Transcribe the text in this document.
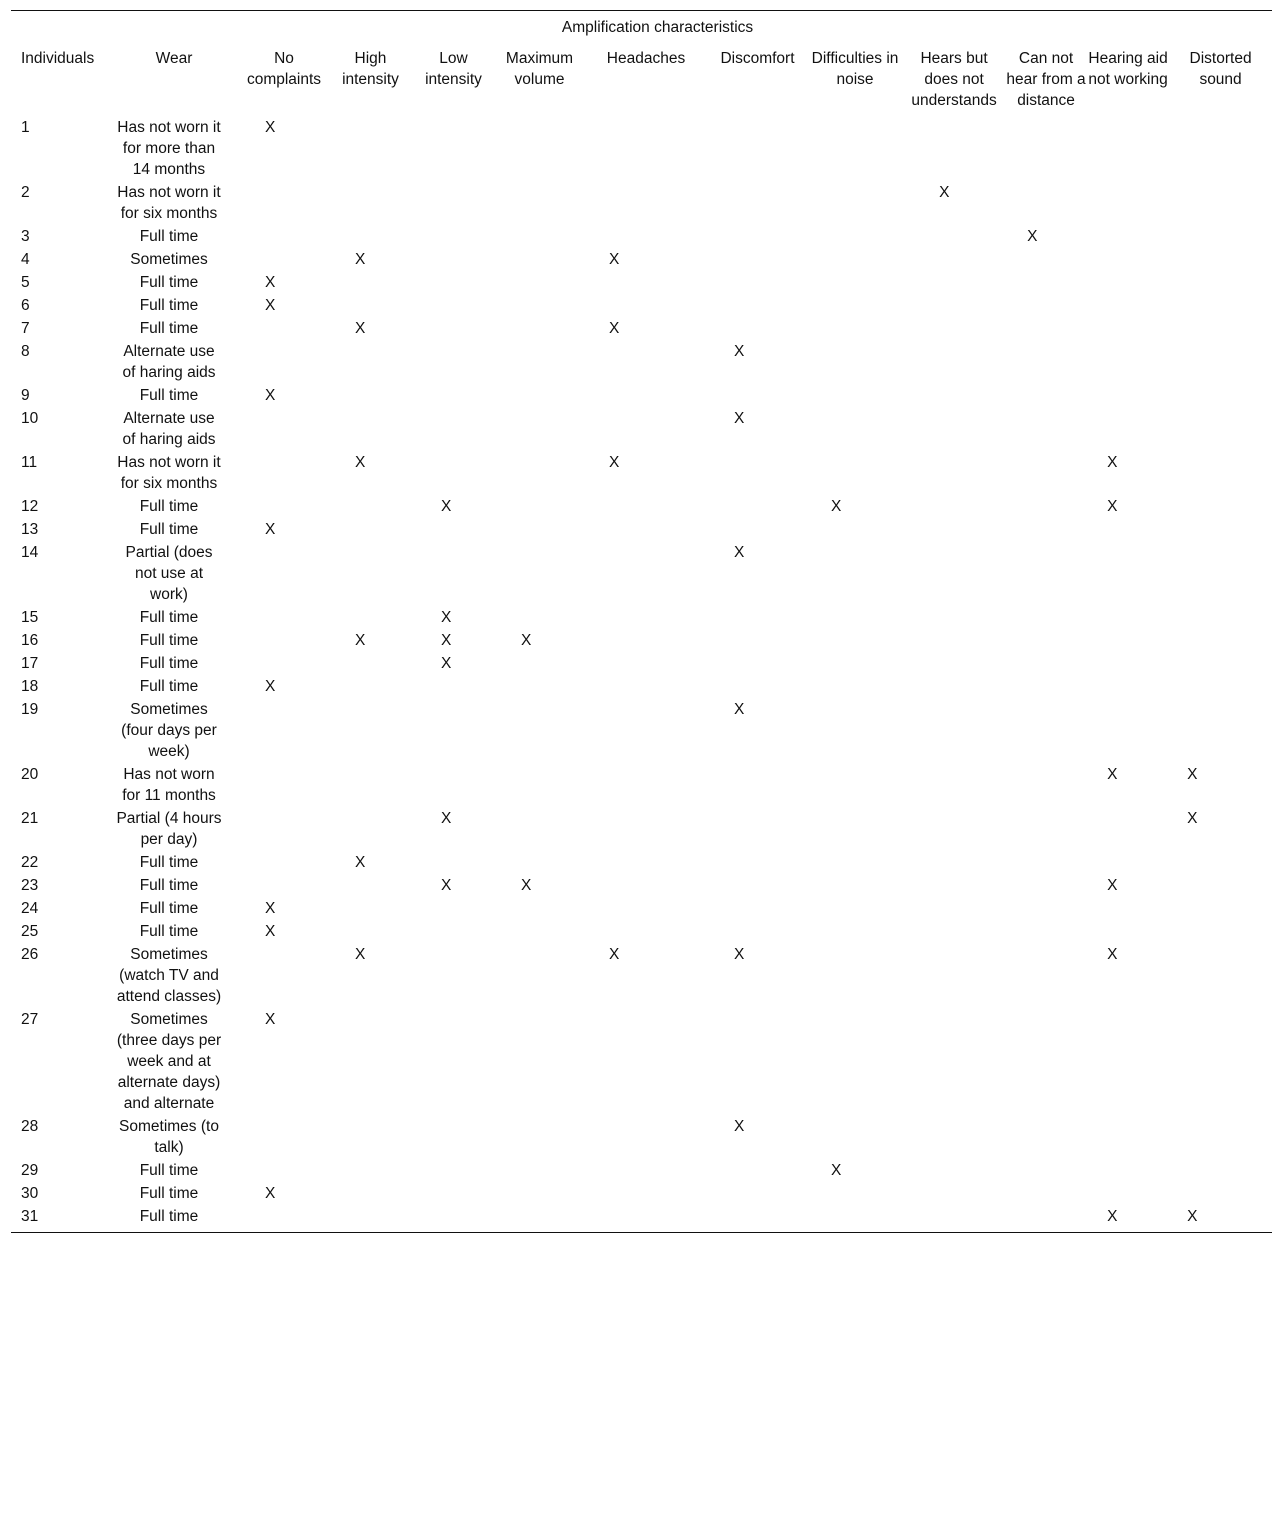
				Amplification characteristics								
Individuals	Wear	No complaints	High intensity	Low intensity	Maximum volume	Headaches	Discomfort	Difficulties in noise	Hears but does not understands	Can not hear from a distance	Hearing aid not working	Distorted sound
1	Has not worn it for more than 14 months	X										
2	Has not worn it for six months								X			
3	Full time									X		
4	Sometimes		X			X						
5	Full time	X										
6	Full time	X										
7	Full time		X			X						
8	Alternate use of haring aids						X					
9	Full time	X										
10	Alternate use of haring aids						X					
11	Has not worn it for six months		X			X					X	
12	Full time			X				X			X	
13	Full time	X										
14	Partial (does not use at work)						X					
15	Full time			X								
16	Full time		X	X	X							
17	Full time			X								
18	Full time	X										
19	Sometimes (four days per week)						X					
20	Has not worn for 11 months										X	X
21	Partial (4 hours per day)			X								X
22	Full time		X									
23	Full time			X	X						X	
24	Full time	X										
25	Full time	X										
26	Sometimes (watch TV and attend classes)		X			X	X				X	
27	Sometimes (three days per week and at alternate days) and alternate	X										
28	Sometimes (to talk)						X					
29	Full time							X				
30	Full time	X										
31	Full time										X	X
